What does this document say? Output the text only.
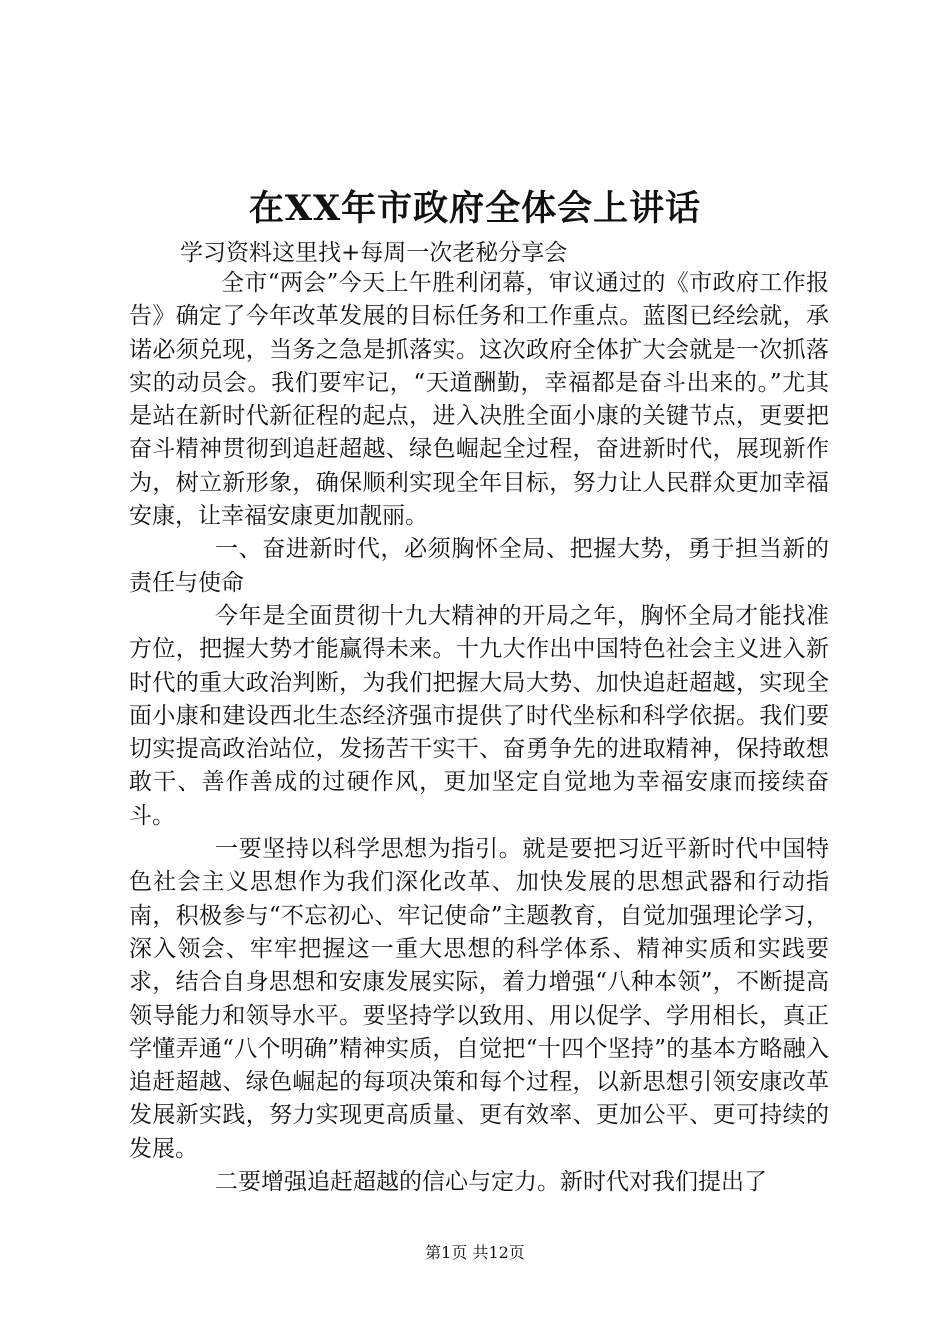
在XX年市政府全体会上讲话
学习资料这里找+每周一次老秘分享会

全市“两会”今天上午胜利闭幕，审议通过的《市政府工作报告》确定了今年改革发展的目标任务和工作重点。蓝图已经绘就，承诺必须兑现，当务之急是抓落实。这次政府全体扩大会就是一次抓落实的动员会。我们要牢记，“天道酬勤，幸福都是奋斗出来的。”尤其是站在新时代新征程的起点，进入决胜全面小康的关键节点，更要把奋斗精神贯彻到追赶超越、绿色崛起全过程，奋进新时代，展现新作为，树立新形象，确保顺利实现全年目标，努力让人民群众更加幸福安康，让幸福安康更加靓丽。

一、奋进新时代，必须胸怀全局、把握大势，勇于担当新的责任与使命

今年是全面贯彻十九大精神的开局之年，胸怀全局才能找准方位，把握大势才能赢得未来。十九大作出中国特色社会主义进入新时代的重大政治判断，为我们把握大局大势、加快追赶超越，实现全面小康和建设西北生态经济强市提供了时代坐标和科学依据。我们要切实提高政治站位，发扬苦干实干、奋勇争先的进取精神，保持敢想敢干、善作善成的过硬作风，更加坚定自觉地为幸福安康而接续奋斗。

一要坚持以科学思想为指引。就是要把习近平新时代中国特色社会主义思想作为我们深化改革、加快发展的思想武器和行动指南，积极参与“不忘初心、牢记使命”主题教育，自觉加强理论学习，深入领会、牢牢把握这一重大思想的科学体系、精神实质和实践要求，结合自身思想和安康发展实际，着力增强“八种本领”，不断提高领导能力和领导水平。要坚持学以致用、用以促学、学用相长，真正学懂弄通“八个明确”精神实质，自觉把“十四个坚持”的基本方略融入追赶超越、绿色崛起的每项决策和每个过程，以新思想引领安康改革发展新实践，努力实现更高质量、更有效率、更加公平、更可持续的发展。

二要增强追赶超越的信心与定力。新时代对我们提出了

第1页 共12页
